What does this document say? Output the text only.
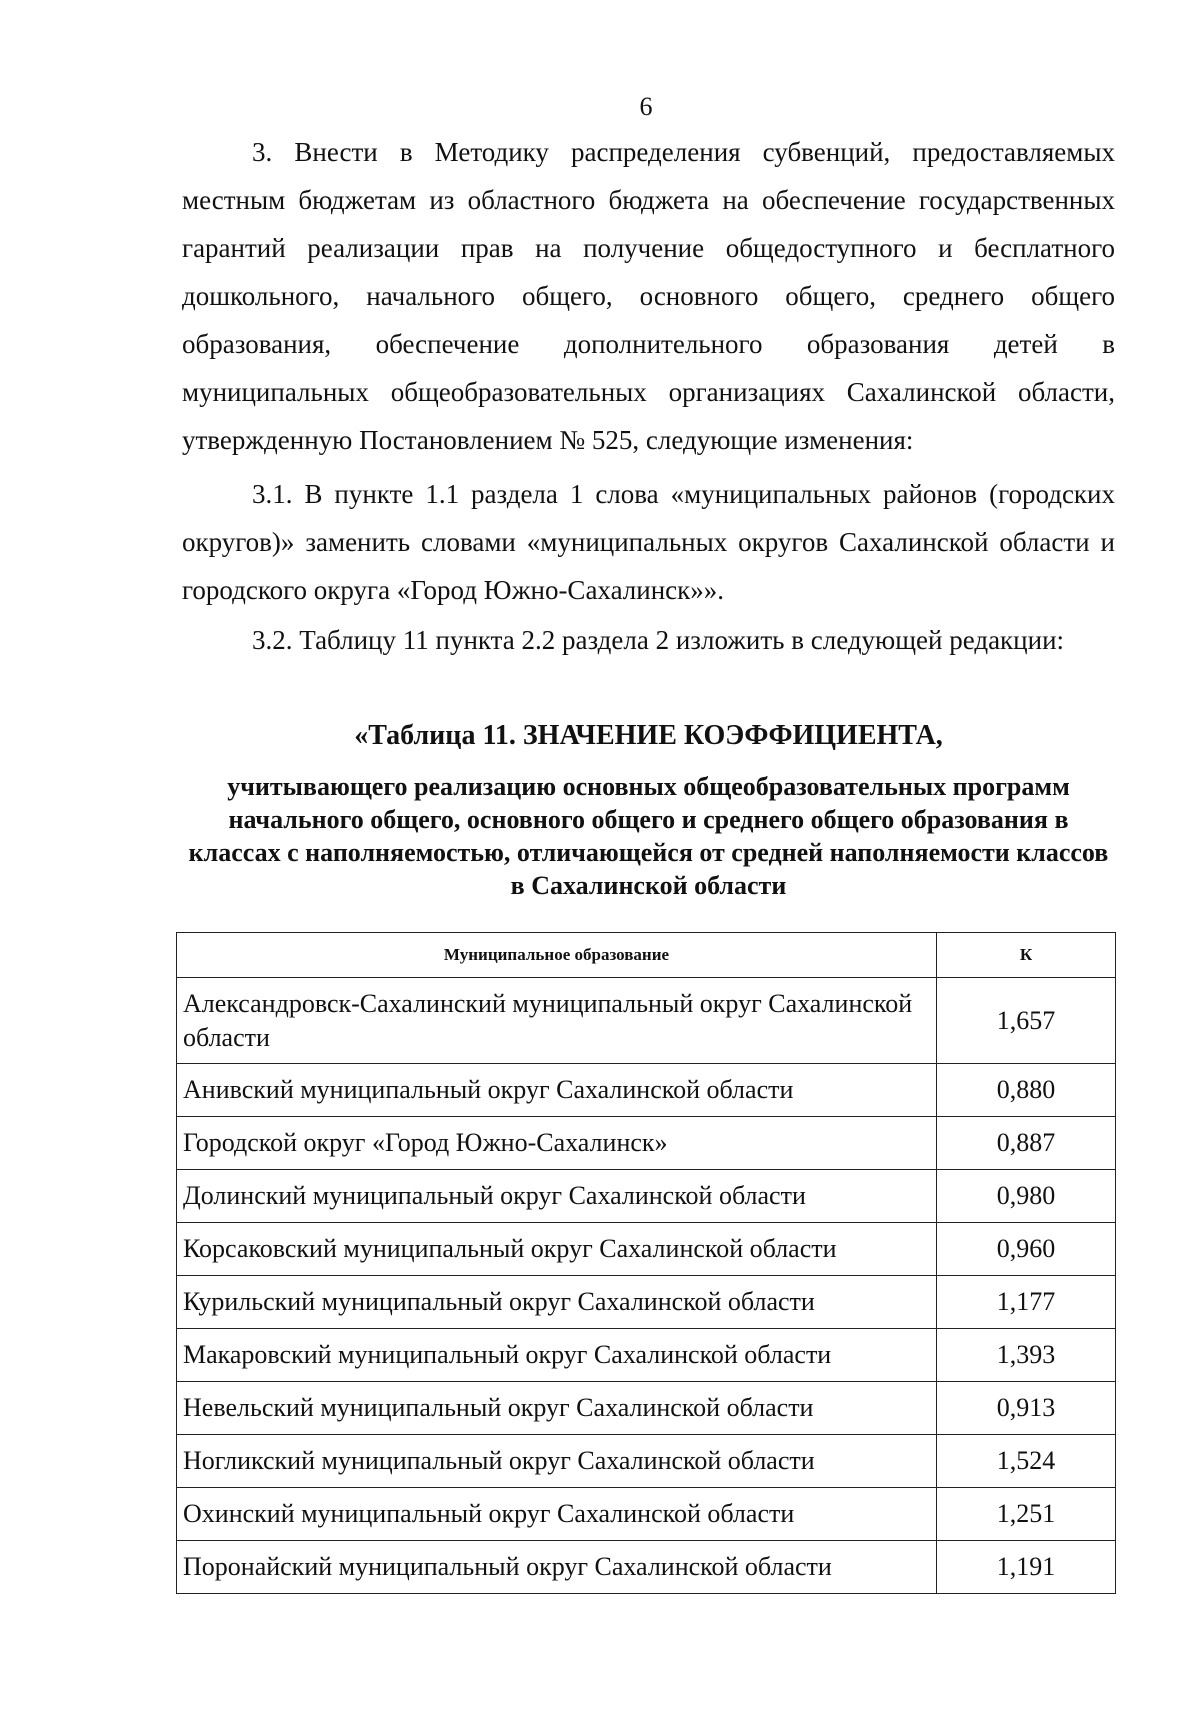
6

3. Внести в Методику распределения субвенций, предоставляемых местным бюджетам из областного бюджета на обеспечение государственных гарантий реализации прав на получение общедоступного и бесплатного дошкольного, начального общего, основного общего, среднего общего образования, обеспечение дополнительного образования детей в муниципальных общеобразовательных организациях Сахалинской области, утвержденную Постановлением № 525, следующие изменения:

3.1. В пункте 1.1 раздела 1 слова «муниципальных районов (городских округов)» заменить словами «муниципальных округов Сахалинской области и городского округа «Город Южно-Сахалинск»».

3.2. Таблицу 11 пункта 2.2 раздела 2 изложить в следующей редакции:

«Таблица 11. ЗНАЧЕНИЕ КОЭФФИЦИЕНТА,
учитывающего реализацию основных общеобразовательных программ начального общего, основного общего и среднего общего образования в классах с наполняемостью, отличающейся от средней наполняемости классов в Сахалинской области
Муниципальное образование	К
Александровск-Сахалинский муниципальный округ Сахалинской области	1,657
Анивский муниципальный округ Сахалинской области	0,880
Городской округ «Город Южно-Сахалинск»	0,887
Долинский муниципальный округ Сахалинской области	0,980
Корсаковский муниципальный округ Сахалинской области	0,960
Курильский муниципальный округ Сахалинской области	1,177
Макаровский муниципальный округ Сахалинской области	1,393
Невельский муниципальный округ Сахалинской области	0,913
Ногликский муниципальный округ Сахалинской области	1,524
Охинский муниципальный округ Сахалинской области	1,251
Поронайский муниципальный округ Сахалинской области	1,191
